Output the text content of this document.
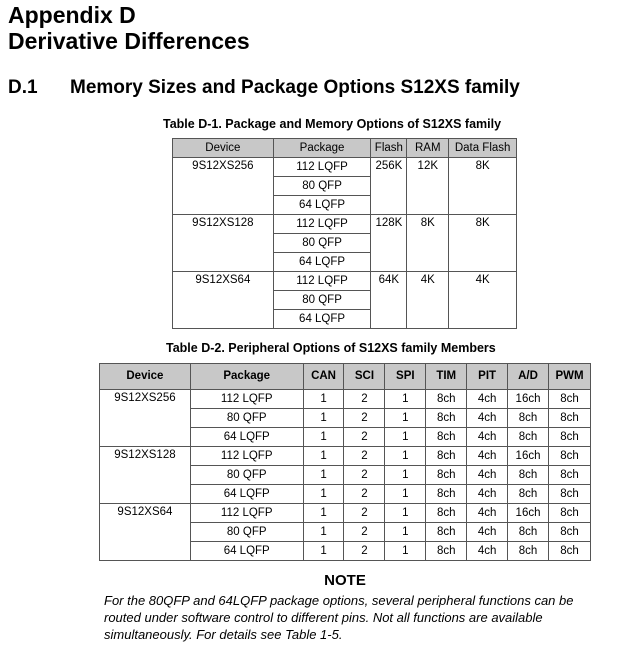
Appendix D
Derivative Differences
D.1 Memory Sizes and Package Options S12XS family
Table D-1. Package and Memory Options of S12XS family
Device	Package	Flash	RAM	Data Flash
9S12XS256	112 LQFP	256K	12K	8K
	80 QFP			
	64 LQFP			
9S12XS128	112 LQFP	128K	8K	8K
	80 QFP			
	64 LQFP			
9S12XS64	112 LQFP	64K	4K	4K
	80 QFP			
	64 LQFP			
Table D-2. Peripheral Options of S12XS family Members
Device	Package	CAN	SCI	SPI	TIM	PIT	A/D	PWM
9S12XS256	112 LQFP	1	2	1	8ch	4ch	16ch	8ch
	80 QFP	1	2	1	8ch	4ch	8ch	8ch
	64 LQFP	1	2	1	8ch	4ch	8ch	8ch
9S12XS128	112 LQFP	1	2	1	8ch	4ch	16ch	8ch
	80 QFP	1	2	1	8ch	4ch	8ch	8ch
	64 LQFP	1	2	1	8ch	4ch	8ch	8ch
9S12XS64	112 LQFP	1	2	1	8ch	4ch	16ch	8ch
	80 QFP	1	2	1	8ch	4ch	8ch	8ch
	64 LQFP	1	2	1	8ch	4ch	8ch	8ch
NOTE

For the 80QFP and 64LQFP package options, several peripheral functions can be routed under software control to different pins. Not all functions are available simultaneously. For details see Table 1-5.
